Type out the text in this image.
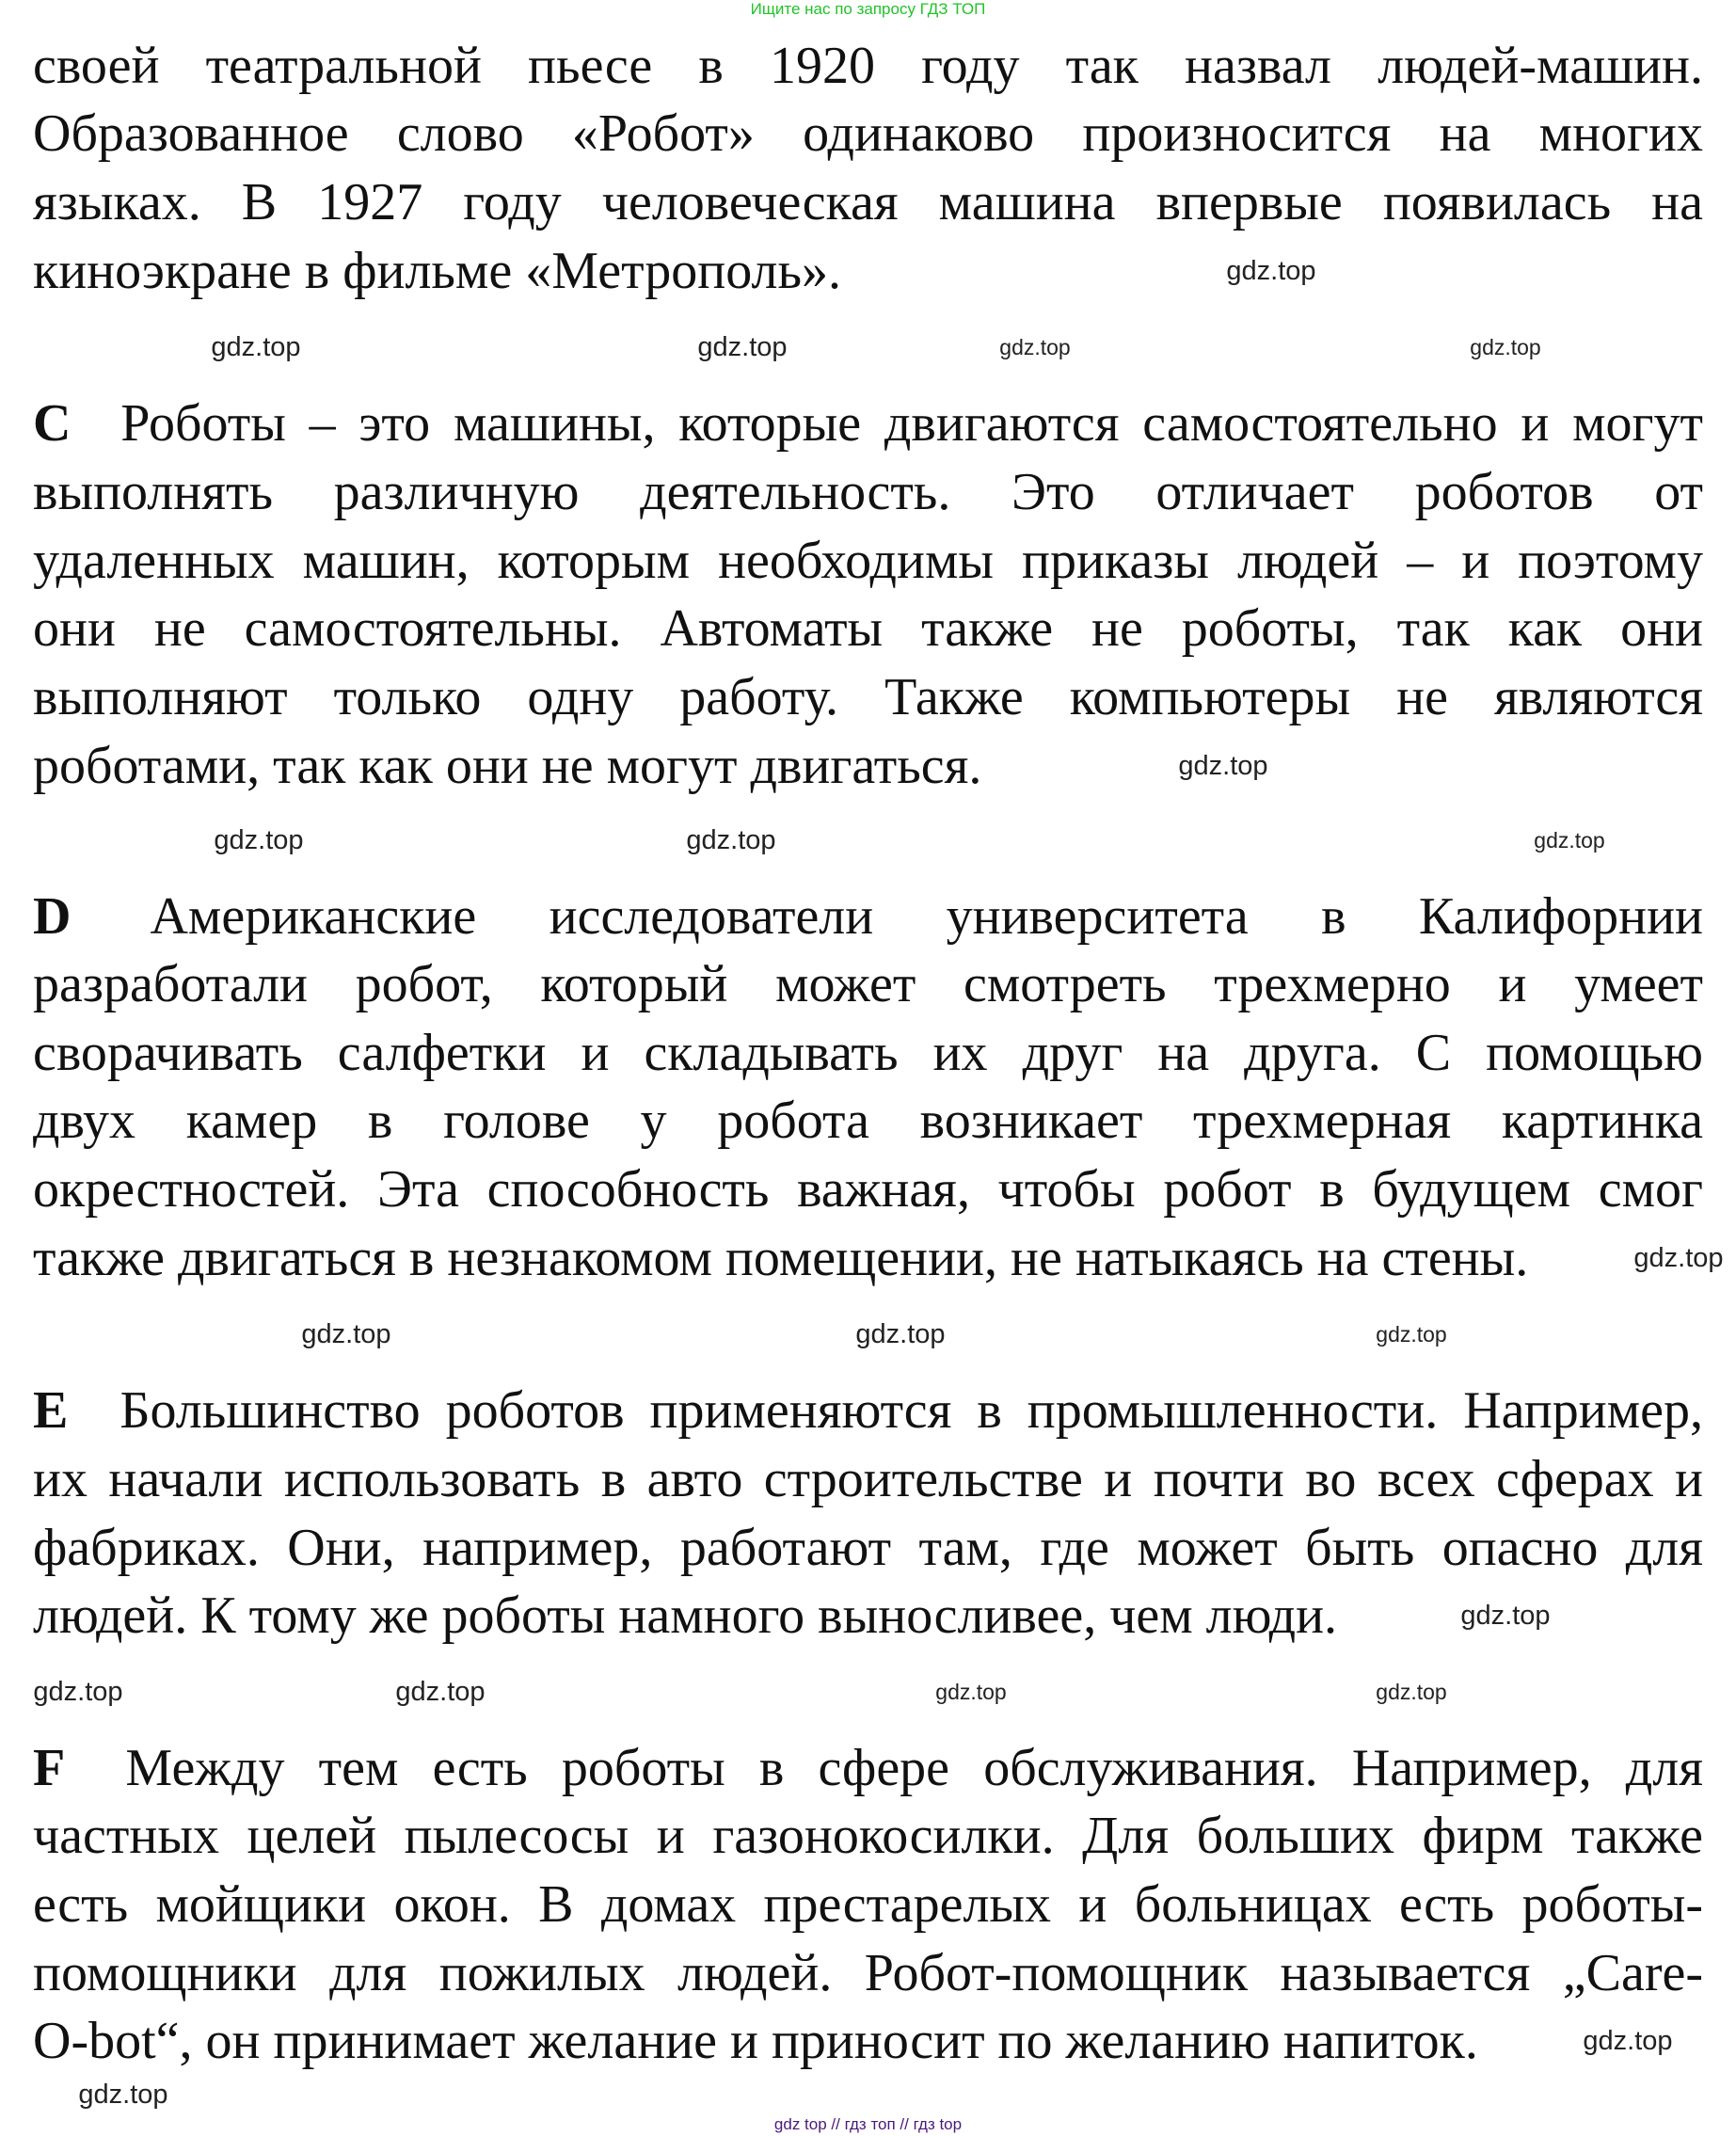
Ищите нас по запросу ГДЗ ТОП
своей театральной пьесе в 1920 году так назвал людей-машин.
Образованное слово «Робот» одинаково произносится на многих
языках. В 1927 году человеческая машина впервые появилась на
киноэкране в фильме «Метрополь».
C  Роботы – это машины, которые двигаются самостоятельно и могут
выполнять различную деятельность. Это отличает роботов от
удаленных машин, которым необходимы приказы людей – и поэтому
они не самостоятельны. Автоматы также не роботы, так как они
выполняют только одну работу. Также компьютеры не являются
роботами, так как они не могут двигаться.
D   Американские исследователи университета в Калифорнии
разработали робот, который может смотреть трехмерно и умеет
сворачивать салфетки и складывать их друг на друга. С помощью
двух камер в голове у робота возникает трехмерная картинка
окрестностей. Эта способность важная, чтобы робот в будущем смог
также двигаться в незнакомом помещении, не натыкаясь на стены.
E  Большинство роботов применяются в промышленности. Например,
их начали использовать в авто строительстве и почти во всех сферах и
фабриках. Они, например, работают там, где может быть опасно для
людей. К тому же роботы намного выносливее, чем люди.
F  Между тем есть роботы в сфере обслуживания. Например, для
частных целей пылесосы и газонокосилки. Для больших фирм также
есть мойщики окон. В домах престарелых и больницах есть роботы-
помощники для пожилых людей. Робот-помощник называется „Care-
O-bot“, он принимает желание и приносит по желанию напиток.
gdz.top	gdz.top
gdz.top
gdz.top	gdz.top
gdz.top
gdz.top
gdz.top	gdz.top
gdz.top
gdz.top
gdz.top	gdz.top
gdz.top
gdz.top
gdz.top	gdz.top	gdz.top
gdz.top
gdz.top
gdz top // гдз топ // гдз top
